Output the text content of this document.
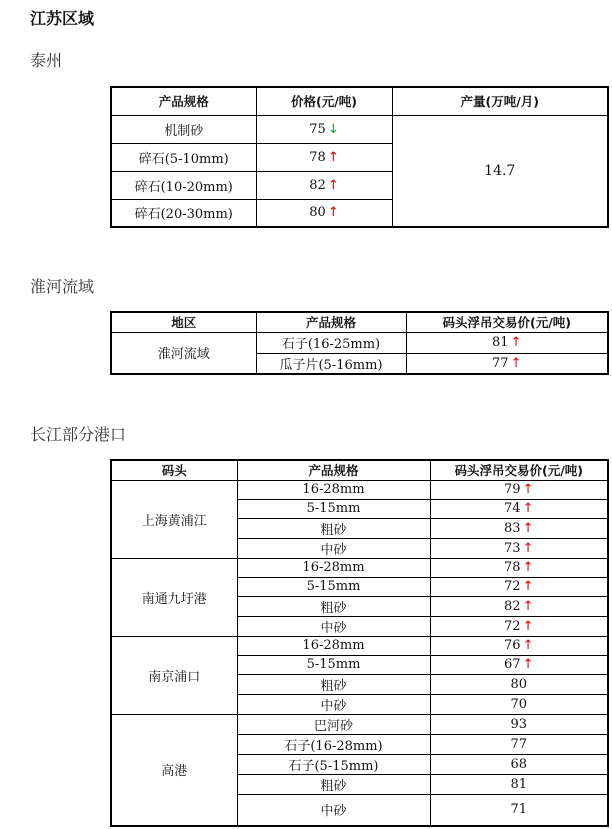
江苏区域
泰州
产品规格	价格(元/吨)	产量(万吨/月)
机制砂	75 ↓	14.7
碎石(5-10mm)	78 ↑	
碎石(10-20mm)	82 ↑	
碎石(20-30mm)	80 ↑	
淮河流域
地区	产品规格	码头浮吊交易价(元/吨)
淮河流域	石子(16-25mm)	81 ↑
	瓜子片(5-16mm)	77 ↑
长江部分港口
码头	产品规格	码头浮吊交易价(元/吨)
上海黄浦江	16-28mm	79 ↑
	5-15mm	74 ↑
	粗砂	83 ↑
	中砂	73 ↑
南通九圩港	16-28mm	78 ↑
	5-15mm	72 ↑
	粗砂	82 ↑
	中砂	72 ↑
南京浦口	16-28mm	76 ↑
	5-15mm	67 ↑
	粗砂	80
	中砂	70
高港	巴河砂	93
	石子(16-28mm)	77
	石子(5-15mm)	68
	粗砂	81
	中砂	71
